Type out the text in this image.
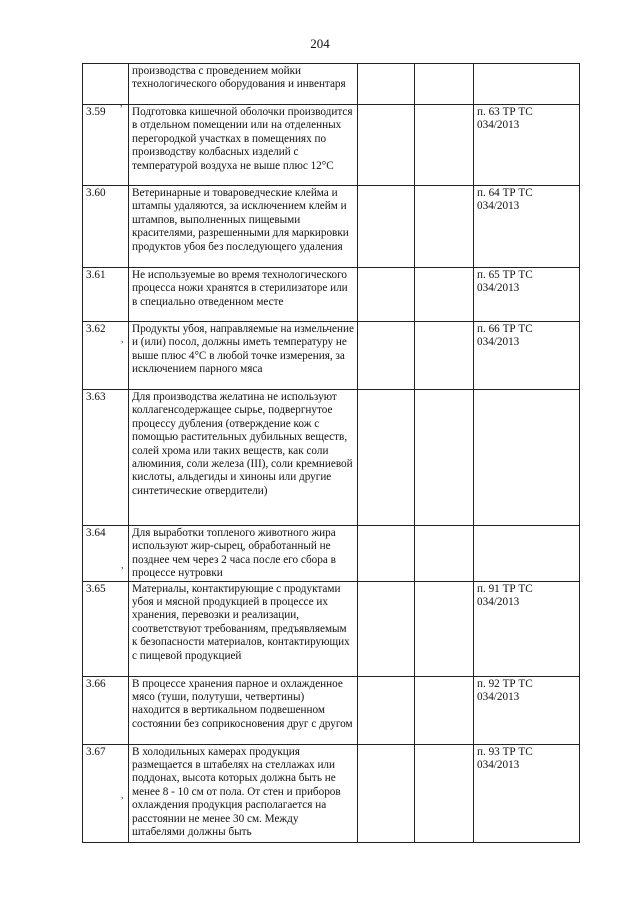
204
	производства с проведением мойки технологического оборудования и инвентаря			
3.59	Подготовка кишечной оболочки производится в отдельном помещении или на отделенных перегородкой участках в помещениях по производству колбасных изделий с температурой воздуха не выше плюс 12°С			п. 63 ТР ТС 034/2013
3.60	Ветеринарные и товароведческие клейма и штампы удаляются, за исключением клейм и штампов, выполненных пищевыми красителями, разрешенными для маркировки продуктов убоя без последующего удаления			п. 64 ТР ТС 034/2013
3.61	Не используемые во время технологического процесса ножи хранятся в стерилизаторе или в специально отведенном месте			п. 65 ТР ТС 034/2013
3.62	Продукты убоя, направляемые на измельчение и (или) посол, должны иметь температуру не выше плюс 4°С в любой точке измерения, за исключением парного мяса			п. 66 ТР ТС 034/2013
3.63	Для производства желатина не используют коллагенсодержащее сырье, подвергнутое процессу дубления (отверждение кож с помощью растительных дубильных веществ, солей хрома или таких веществ, как соли алюминия, соли железа (III), соли кремниевой кислоты, альдегиды и хиноны или другие синтетические отвердители)			
3.64	Для выработки топленого животного жира используют жир-сырец, обработанный не позднее чем через 2 часа после его сбора в процессе нутровки			
3.65	Материалы, контактирующие с продуктами убоя и мясной продукцией в процессе их хранения, перевозки и реализации, соответствуют требованиям, предъявляемым к безопасности материалов, контактирующих с пищевой продукцией			п. 91 ТР ТС 034/2013
3.66	В процессе хранения парное и охлажденное мясо (туши, полутуши, четвертины) находится в вертикальном подвешенном состоянии без соприкосновения друг с другом			п. 92 ТР ТС 034/2013
3.67	В холодильных камерах продукция размещается в штабелях на стеллажах или поддонах, высота которых должна быть не менее 8 - 10 см от пола. От стен и приборов охлаждения продукция располагается на расстоянии не менее 30 см. Между штабелями должны быть			п. 93 ТР ТС 034/2013
,
,
,
,
